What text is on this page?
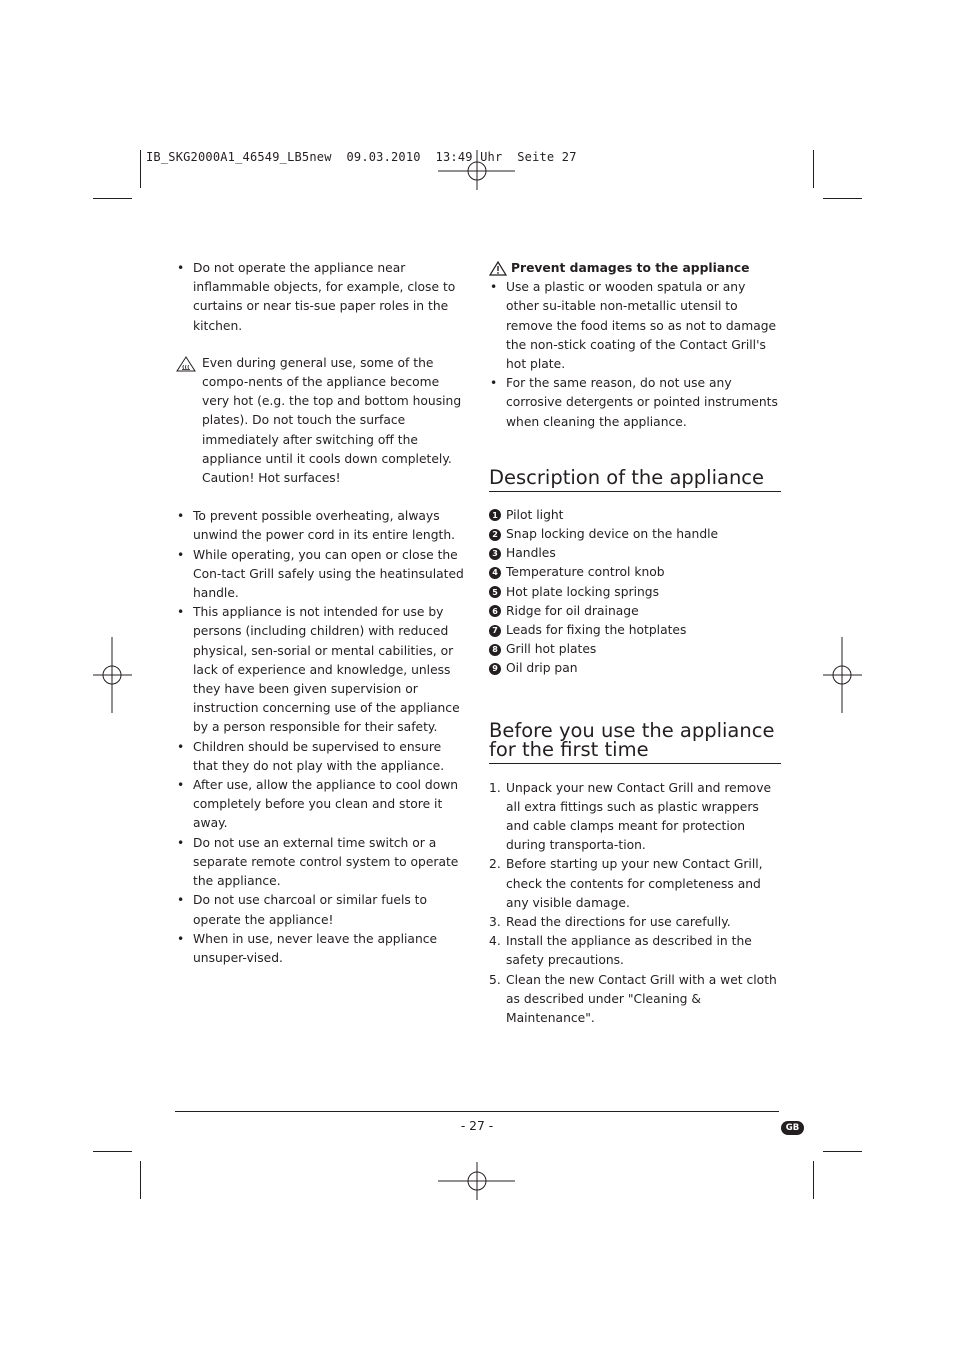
IB_SKG2000A1_46549_LB5new  09.03.2010  13:49 Uhr  Seite 27
• Do not operate the appliance near inflammable objects, for example, close to curtains or near tis-sue paper roles in the kitchen.
Even during general use, some of the compo-nents of the appliance become very hot (e.g. the top and bottom housing plates). Do not touch the surface immediately after switching off the appliance until it cools down completely. Caution! Hot surfaces!
• To prevent possible overheating, always unwind the power cord in its entire length.
• While operating, you can open or close the Con-tact Grill safely using the heatinsulated handle.
• This appliance is not intended for use by persons (including children) with reduced physical, sen-sorial or mental cabilities, or lack of experience and knowledge, unless they have been given supervision or instruction concerning use of the appliance by a person responsible for their safety.
• Children should be supervised to ensure that they do not play with the appliance.
• After use, allow the appliance to cool down completely before you clean and store it away.
• Do not use an external time switch or a separate remote control system to operate the appliance.
• Do not use charcoal or similar fuels to operate the appliance!
• When in use, never leave the appliance unsuper-vised.
Prevent damages to the appliance
• Use a plastic or wooden spatula or any other su-itable non-metallic utensil to remove the food items so as not to damage the non-stick coating of the Contact Grill's hot plate.
• For the same reason, do not use any corrosive detergents or pointed instruments when cleaning the appliance.
Description of the appliance
1 Pilot light
2 Snap locking device on the handle
3 Handles
4 Temperature control knob
5 Hot plate locking springs
6 Ridge for oil drainage
7 Leads for fixing the hotplates
8 Grill hot plates
9 Oil drip pan
Before you use the appliance
for the first time
1. Unpack your new Contact Grill and remove all extra fittings such as plastic wrappers and cable clamps meant for protection during transporta-tion.
2. Before starting up your new Contact Grill, check the contents for completeness and any visible damage.
3. Read the directions for use carefully.
4. Install the appliance as described in the safety precautions.
5. Clean the new Contact Grill with a wet cloth as described under "Cleaning & Maintenance".
- 27 -	GB
